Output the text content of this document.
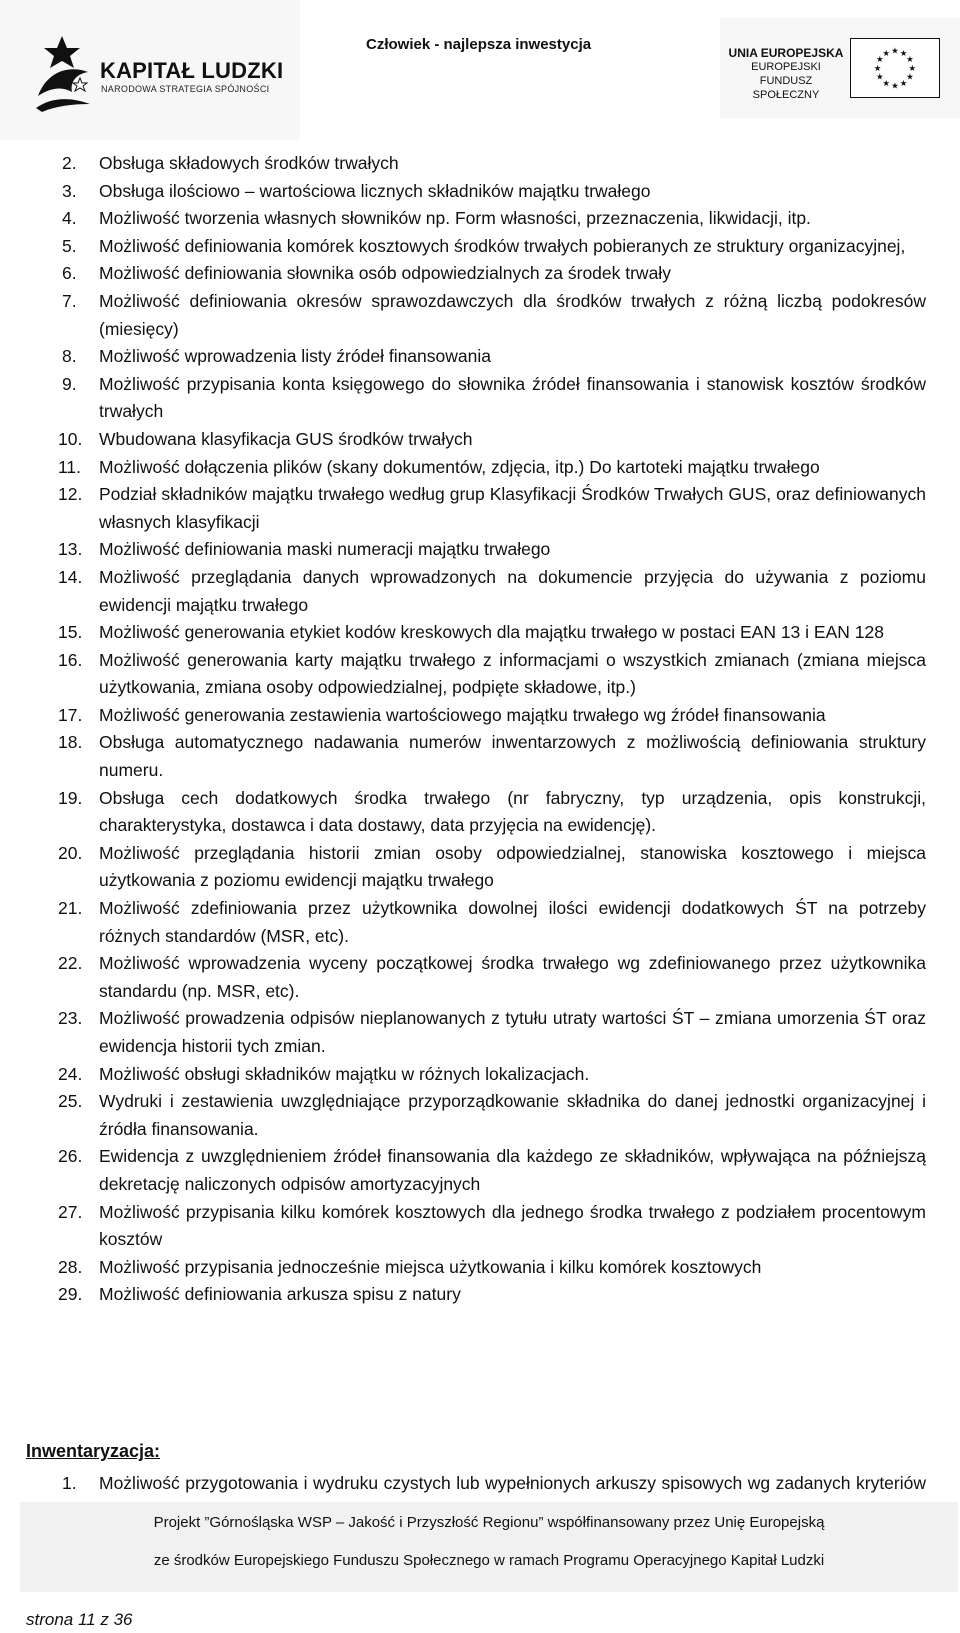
KAPITAŁ LUDZKI
NARODOWA STRATEGIA SPÓJNOŚCI
Człowiek - najlepsza inwestycja	UNIA EUROPEJSKA
EUROPEJSKI
FUNDUSZ SPOŁECZNY
★ ★
★
★
★
★
★
★
★
★
★
★
2. Obsługa składowych środków trwałych
3. Obsługa ilościowo – wartościowa licznych składników majątku trwałego
4. Możliwość tworzenia własnych słowników np. Form własności, przeznaczenia, likwidacji, itp.
5. Możliwość definiowania komórek kosztowych środków trwałych pobieranych ze struktury organizacyjnej,
6. Możliwość definiowania słownika osób odpowiedzialnych za środek trwały
7. Możliwość definiowania okresów sprawozdawczych dla środków trwałych z różną liczbą podokresów (miesięcy)
8. Możliwość wprowadzenia listy źródeł finansowania
9. Możliwość przypisania konta księgowego do słownika źródeł finansowania i stanowisk kosztów środków trwałych
10. Wbudowana klasyfikacja GUS środków trwałych
11. Możliwość dołączenia plików (skany dokumentów, zdjęcia, itp.) Do kartoteki majątku trwałego
12. Podział składników majątku trwałego według grup Klasyfikacji Środków Trwałych GUS, oraz definiowanych własnych klasyfikacji
13. Możliwość definiowania maski numeracji majątku trwałego
14. Możliwość przeglądania danych wprowadzonych na dokumencie przyjęcia do używania z poziomu ewidencji majątku trwałego
15. Możliwość generowania etykiet kodów kreskowych dla majątku trwałego w postaci EAN 13 i EAN 128
16. Możliwość generowania karty majątku trwałego z informacjami o wszystkich zmianach (zmiana miejsca użytkowania, zmiana osoby odpowiedzialnej, podpięte składowe, itp.)
17. Możliwość generowania zestawienia wartościowego majątku trwałego wg źródeł finansowania
18. Obsługa automatycznego nadawania numerów inwentarzowych z możliwością definiowania struktury numeru.
19. Obsługa cech dodatkowych środka trwałego (nr fabryczny, typ urządzenia, opis konstrukcji, charakterystyka, dostawca i data dostawy, data przyjęcia na ewidencję).
20. Możliwość przeglądania historii zmian osoby odpowiedzialnej, stanowiska kosztowego i miejsca użytkowania z poziomu ewidencji majątku trwałego
21. Możliwość zdefiniowania przez użytkownika dowolnej ilości ewidencji dodatkowych ŚT na potrzeby różnych standardów (MSR, etc).
22. Możliwość wprowadzenia wyceny początkowej środka trwałego wg zdefiniowanego przez użytkownika standardu (np. MSR, etc).
23. Możliwość prowadzenia odpisów nieplanowanych z tytułu utraty wartości ŚT – zmiana umorzenia ŚT oraz ewidencja historii tych zmian.
24. Możliwość obsługi składników majątku w różnych lokalizacjach.
25. Wydruki i zestawienia uwzględniające przyporządkowanie składnika do danej jednostki organizacyjnej i źródła finansowania.
26. Ewidencja z uwzględnieniem źródeł finansowania dla każdego ze składników, wpływająca na późniejszą dekretację naliczonych odpisów amortyzacyjnych
27. Możliwość przypisania kilku komórek kosztowych dla jednego środka trwałego z podziałem procentowym kosztów
28. Możliwość przypisania jednocześnie miejsca użytkowania i kilku komórek kosztowych
29. Możliwość definiowania arkusza spisu z natury
Inwentaryzacja:
1. Możliwość przygotowania i wydruku czystych lub wypełnionych arkuszy spisowych wg zadanych kryteriów
Projekt ”Górnośląska WSP – Jakość i Przyszłość Regionu” współfinansowany przez Unię Europejską
ze środków Europejskiego Funduszu Społecznego w ramach Programu Operacyjnego Kapitał Ludzki
strona 11 z 36
